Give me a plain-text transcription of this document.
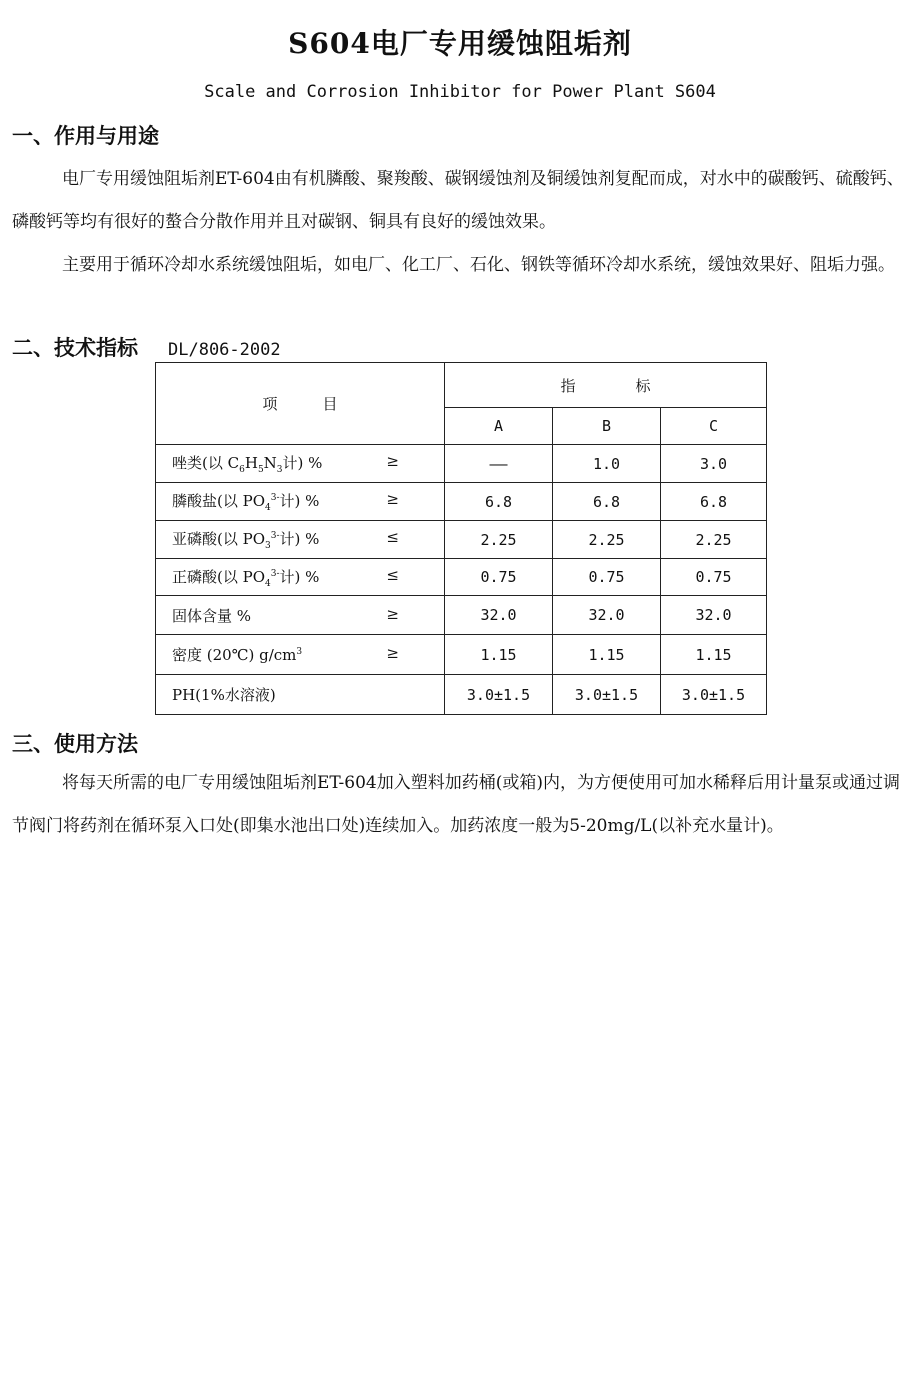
S604电厂专用缓蚀阻垢剂
Scale and Corrosion Inhibitor for Power Plant S604
一、作用与用途
电厂专用缓蚀阻垢剂ET-604由有机膦酸、聚羧酸、碳钢缓蚀剂及铜缓蚀剂复配而成，对水中的碳酸钙、硫酸钙、磷酸钙等均有很好的螯合分散作用并且对碳钢、铜具有良好的缓蚀效果。
主要用于循环冷却水系统缓蚀阻垢，如电厂、化工厂、石化、钢铁等循环冷却水系统，缓蚀效果好、阻垢力强。
二、技术指标 DL/806-2002
项　　　目	指　　　　标		
	A	B	C
唑类(以 $C_6H_5N_3$计) % ≥	——	1.0	3.0
膦酸盐(以 $PO_4^{3-}$计) % ≥	6.8	6.8	6.8
亚磷酸(以 $PO_3^{3-}$计) % ≤	2.25	2.25	2.25
正磷酸(以 $PO_4^{3-}$计) % ≤	0.75	0.75	0.75
固体含量 % ≥	32.0	32.0	32.0
密度 (20℃) $g/cm^3$ ≥	1.15	1.15	1.15
PH(1%水溶液)	3.0±1.5	3.0±1.5	3.0±1.5
三、使用方法
将每天所需的电厂专用缓蚀阻垢剂ET-604加入塑料加药桶(或箱)内，为方便使用可加水稀释后用计量泵或通过调节阀门将药剂在循环泵入口处(即集水池出口处)连续加入。加药浓度一般为5-20mg/L(以补充水量计)。
